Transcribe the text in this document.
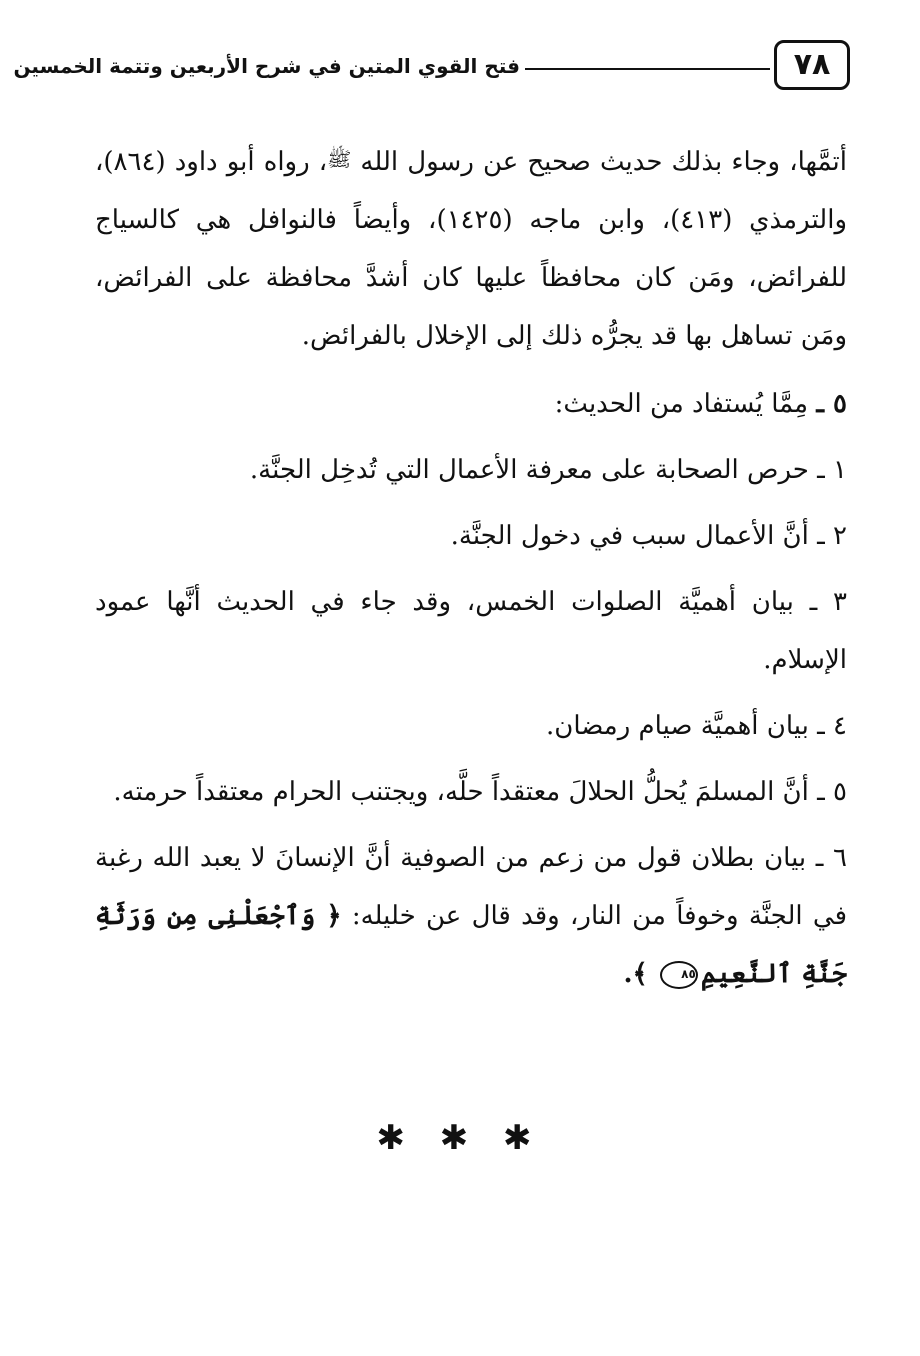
٧٨
فتح القوي المتين في شرح الأربعين وتتمة الخمسين

أتمَّها، وجاء بذلك حديث صحيح عن رسول الله ﷺ، رواه أبو داود (٨٦٤)، والترمذي (٤١٣)، وابن ماجه (١٤٢٥)، وأيضاً فالنوافل هي كالسياج للفرائض، ومَن كان محافظاً عليها كان أشدَّ محافظة على الفرائض، ومَن تساهل بها قد يجرُّه ذلك إلى الإخلال بالفرائض.

٥ ـ مِمَّا يُستفاد من الحديث:

١ ـ حرص الصحابة على معرفة الأعمال التي تُدخِل الجنَّة.

٢ ـ أنَّ الأعمال سبب في دخول الجنَّة.

٣ ـ بيان أهميَّة الصلوات الخمس، وقد جاء في الحديث أنَّها عمود الإسلام.

٤ ـ بيان أهميَّة صيام رمضان.

٥ ـ أنَّ المسلمَ يُحلُّ الحلالَ معتقداً حلَّه، ويجتنب الحرام معتقداً حرمته.

٦ ـ بيان بطلان قول من زعم من الصوفية أنَّ الإنسانَ لا يعبد الله رغبة في الجنَّة وخوفاً من النار، وقد قال عن خليله: ﴿ وَٱجْعَلْنِى مِن وَرَثَةِ جَنَّةِ ٱلنَّعِيمِ٨٥ ﴾.

✱ ✱ ✱
